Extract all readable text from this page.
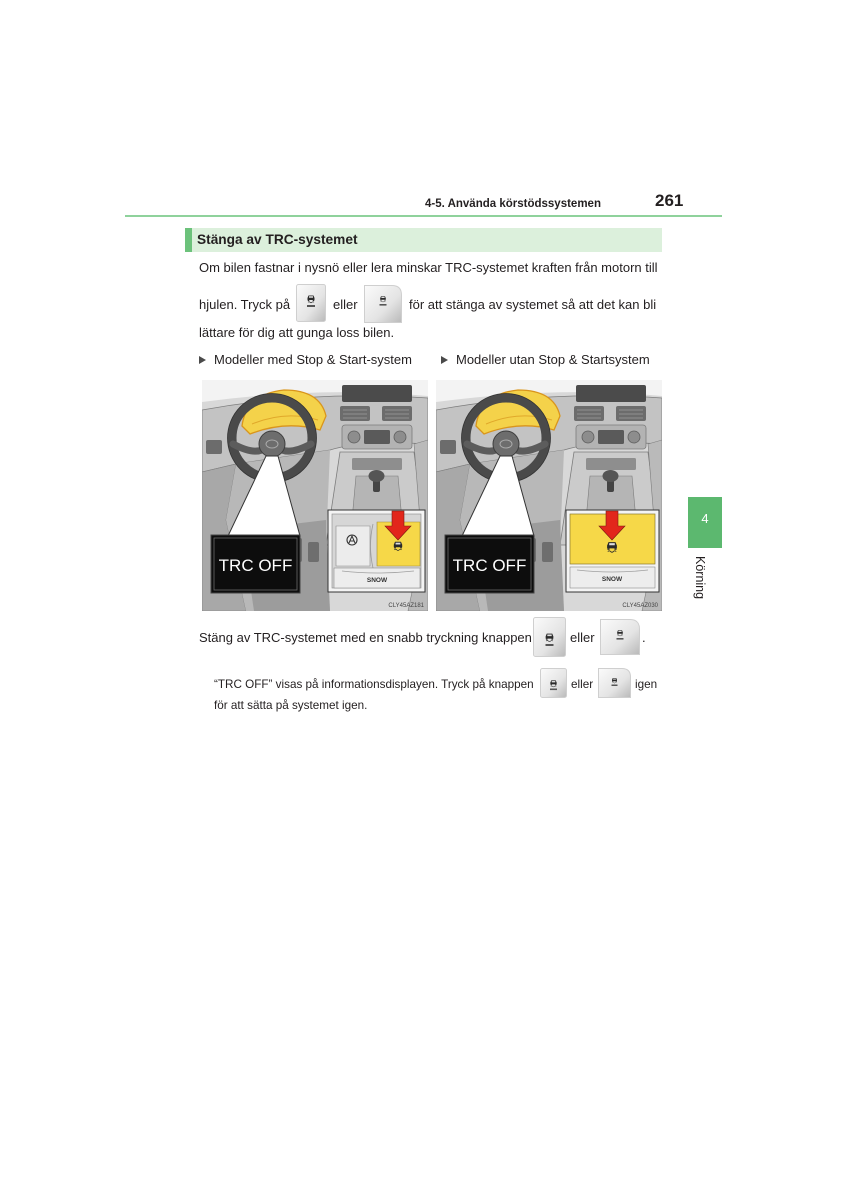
4-5. Använda körstödssystemen	261
Stänga av TRC-systemet
Om bilen fastnar i nysnö eller lera minskar TRC-systemet kraften från motorn till
hjulen. Tryck på	eller	för att stänga av systemet så att det kan bli
lättare för dig att gunga loss bilen.
Modeller med Stop & Start-system	Modeller utan Stop & Startsystem
TRC OFF
SNOW
CLY45AZ181
TRC OFF
SNOW
CLY45AZ030
Stäng av TRC-systemet med en snabb tryckning knappen	eller	.
“TRC OFF” visas på informationsdisplayen. Tryck på knappen	eller	igen
för att sätta på systemet igen.
4
Körning
